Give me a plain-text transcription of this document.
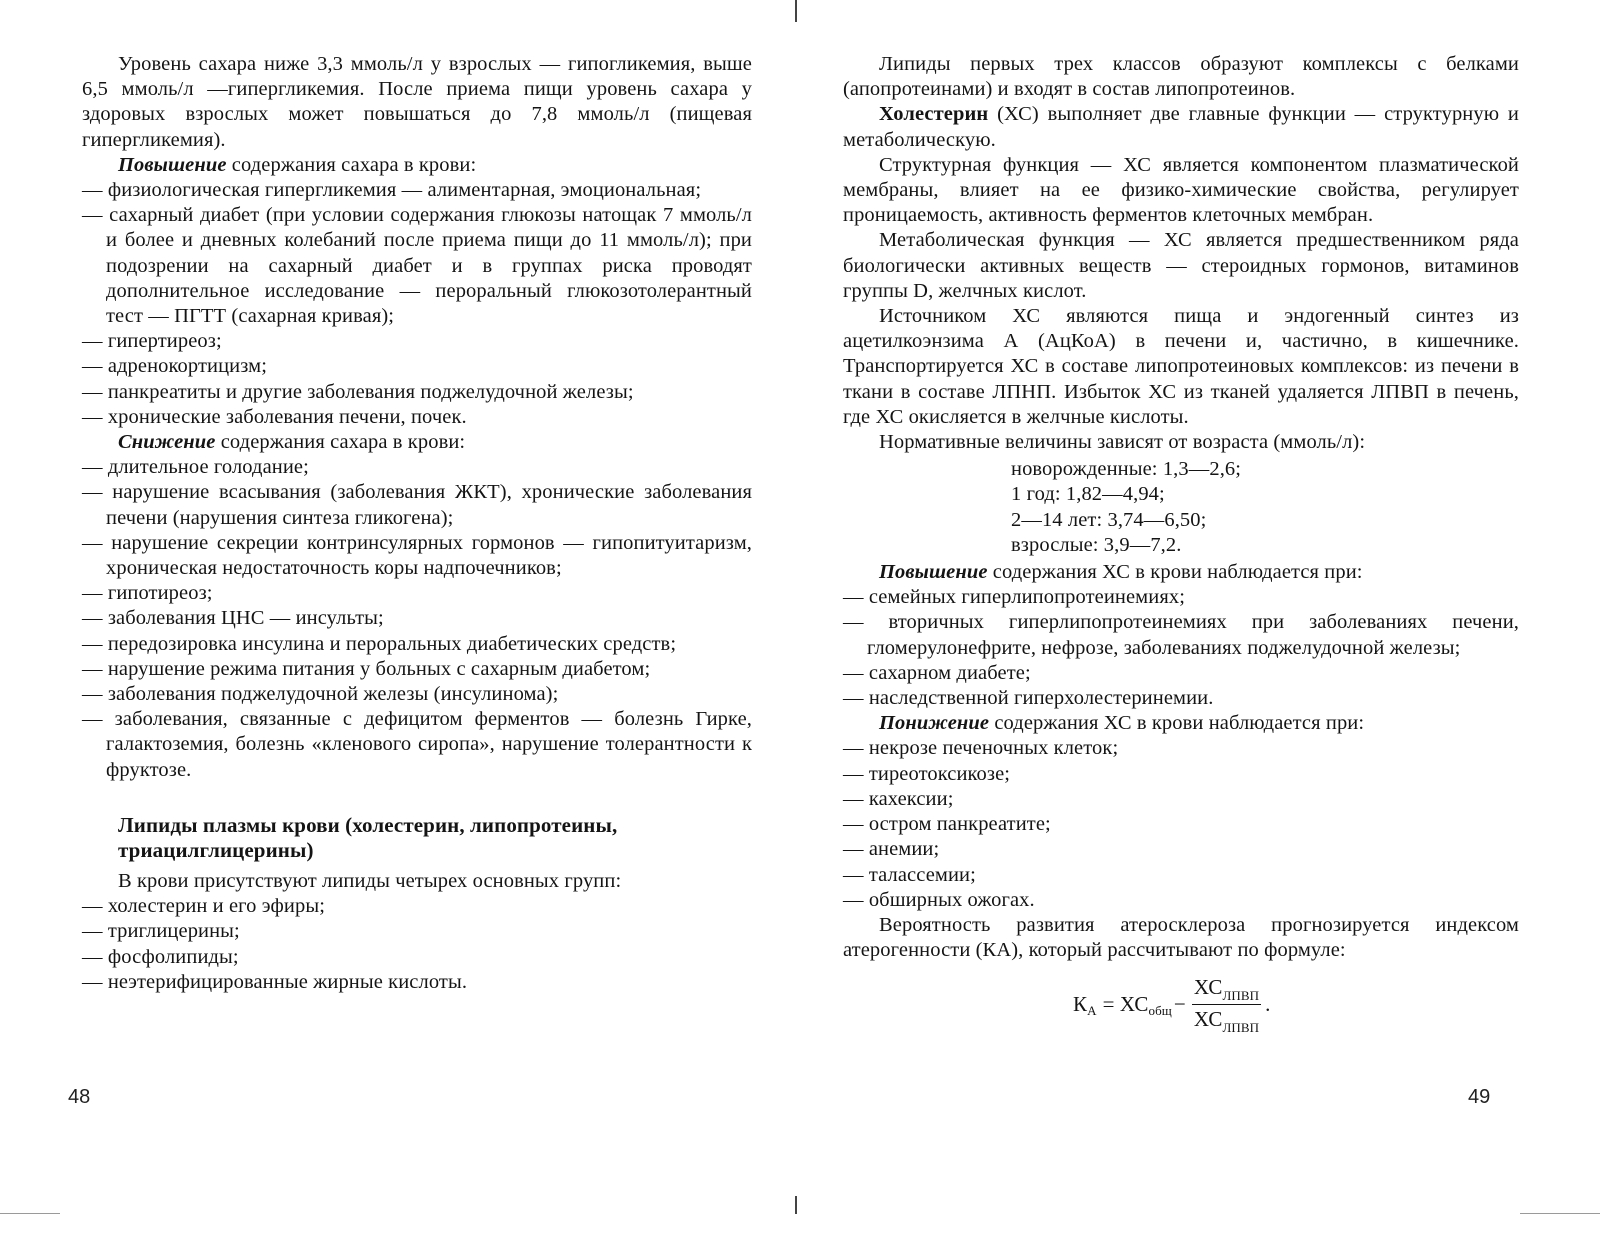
Уровень сахара ниже 3,3 ммоль/л у взрослых — гипогликемия, выше 6,5 ммоль/л —гипергликемия. После приема пищи уровень сахара у здоровых взрослых может повышаться до 7,8 ммоль/л (пищевая гипергликемия).

Повышение содержания сахара в крови:

— физиологическая гипергликемия — алиментарная, эмоциональная;
— сахарный диабет (при условии содержания глюкозы натощак 7 ммоль/л и более и дневных колебаний после приема пищи до 11 ммоль/л); при подозрении на сахарный диабет и в группах риска проводят дополнительное исследование — пероральный глюкозотолерантный тест — ПГТТ (сахарная кривая);
— гипертиреоз;
— адренокортицизм;
— панкреатиты и другие заболевания поджелудочной железы;
— хронические заболевания печени, почек.

Снижение содержания сахара в крови:

— длительное голодание;
— нарушение всасывания (заболевания ЖКТ), хронические заболевания печени (нарушения синтеза гликогена);
— нарушение секреции контринсулярных гормонов — гипопитуитаризм, хроническая недостаточность коры надпочечников;
— гипотиреоз;
— заболевания ЦНС — инсульты;
— передозировка инсулина и пероральных диабетических средств;
— нарушение режима питания у больных с сахарным диабетом;
— заболевания поджелудочной железы (инсулинома);
— заболевания, связанные с дефицитом ферментов — болезнь Гирке, галактоземия, болезнь «кленового сиропа», нарушение толерантности к фруктозе.

Липиды плазмы крови (холестерин, липопротеины, триацилглицерины)

В крови присутствуют липиды четырех основных групп:

— холестерин и его эфиры;
— триглицерины;
— фосфолипиды;
— неэтерифицированные жирные кислоты.
48

Липиды первых трех классов образуют комплексы с белками (апопротеинами) и входят в состав липопротеинов.

Холестерин (ХС) выполняет две главные функции — структурную и метаболическую.

Структурная функция — ХС является компонентом плазматической мембраны, влияет на ее физико-химические свойства, регулирует проницаемость, активность ферментов клеточных мембран.

Метаболическая функция — ХС является предшественником ряда биологически активных веществ — стероидных гормонов, витаминов группы D, желчных кислот.

Источником ХС являются пища и эндогенный синтез из ацетилкоэнзима А (АцКоА) в печени и, частично, в кишечнике. Транспортируется ХС в составе липопротеиновых комплексов: из печени в ткани в составе ЛПНП. Избыток ХС из тканей удаляется ЛПВП в печень, где ХС окисляется в желчные кислоты.

Нормативные величины зависят от возраста (ммоль/л):

новорожденные: 1,3—2,6;
1 год: 1,82—4,94;
2—14 лет: 3,74—6,50;
взрослые: 3,9—7,2.

Повышение содержания ХС в крови наблюдается при:

— семейных гиперлипопротеинемиях;
— вторичных гиперлипопротеинемиях при заболеваниях печени, гломерулонефрите, нефрозе, заболеваниях поджелудочной железы;
— сахарном диабете;
— наследственной гиперхолестеринемии.

Понижение содержания ХС в крови наблюдается при:

— некрозе печеночных клеток;
— тиреотоксикозе;
— кахексии;
— остром панкреатите;
— анемии;
— талассемии;
— обширных ожогах.

Вероятность развития атеросклероза прогнозируется индексом атерогенности (КА), который рассчитывают по формуле:

К А = ХС общ − $\frac{ХС_{ЛПВП}}{ХС_{ЛПВП}}$ .
49
